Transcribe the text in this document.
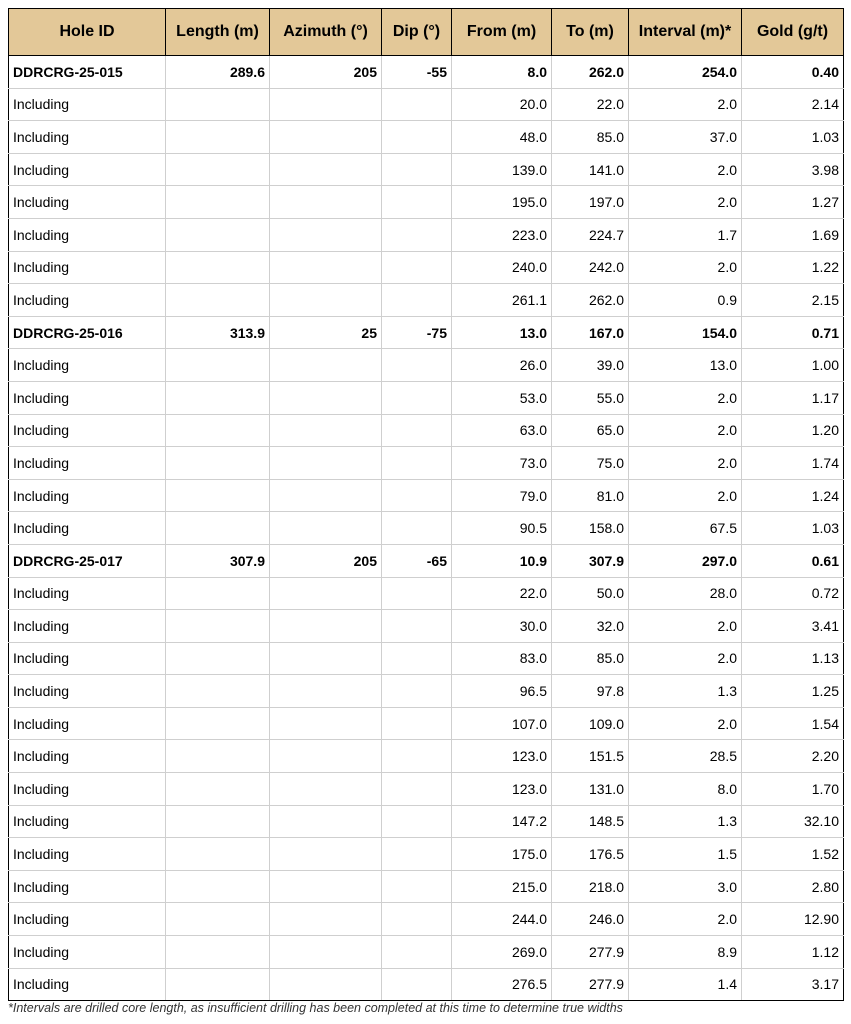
Hole ID	Length (m)	Azimuth (°)	Dip (°)	From (m)	To (m)	Interval (m)*	Gold (g/t)
DDRCRG-25-015	289.6	205	-55	8.0	262.0	254.0	0.40
Including				20.0	22.0	2.0	2.14
Including				48.0	85.0	37.0	1.03
Including				139.0	141.0	2.0	3.98
Including				195.0	197.0	2.0	1.27
Including				223.0	224.7	1.7	1.69
Including				240.0	242.0	2.0	1.22
Including				261.1	262.0	0.9	2.15
DDRCRG-25-016	313.9	25	-75	13.0	167.0	154.0	0.71
Including				26.0	39.0	13.0	1.00
Including				53.0	55.0	2.0	1.17
Including				63.0	65.0	2.0	1.20
Including				73.0	75.0	2.0	1.74
Including				79.0	81.0	2.0	1.24
Including				90.5	158.0	67.5	1.03
DDRCRG-25-017	307.9	205	-65	10.9	307.9	297.0	0.61
Including				22.0	50.0	28.0	0.72
Including				30.0	32.0	2.0	3.41
Including				83.0	85.0	2.0	1.13
Including				96.5	97.8	1.3	1.25
Including				107.0	109.0	2.0	1.54
Including				123.0	151.5	28.5	2.20
Including				123.0	131.0	8.0	1.70
Including				147.2	148.5	1.3	32.10
Including				175.0	176.5	1.5	1.52
Including				215.0	218.0	3.0	2.80
Including				244.0	246.0	2.0	12.90
Including				269.0	277.9	8.9	1.12
Including				276.5	277.9	1.4	3.17
*Intervals are drilled core length, as insufficient drilling has been completed at this time to determine true widths
